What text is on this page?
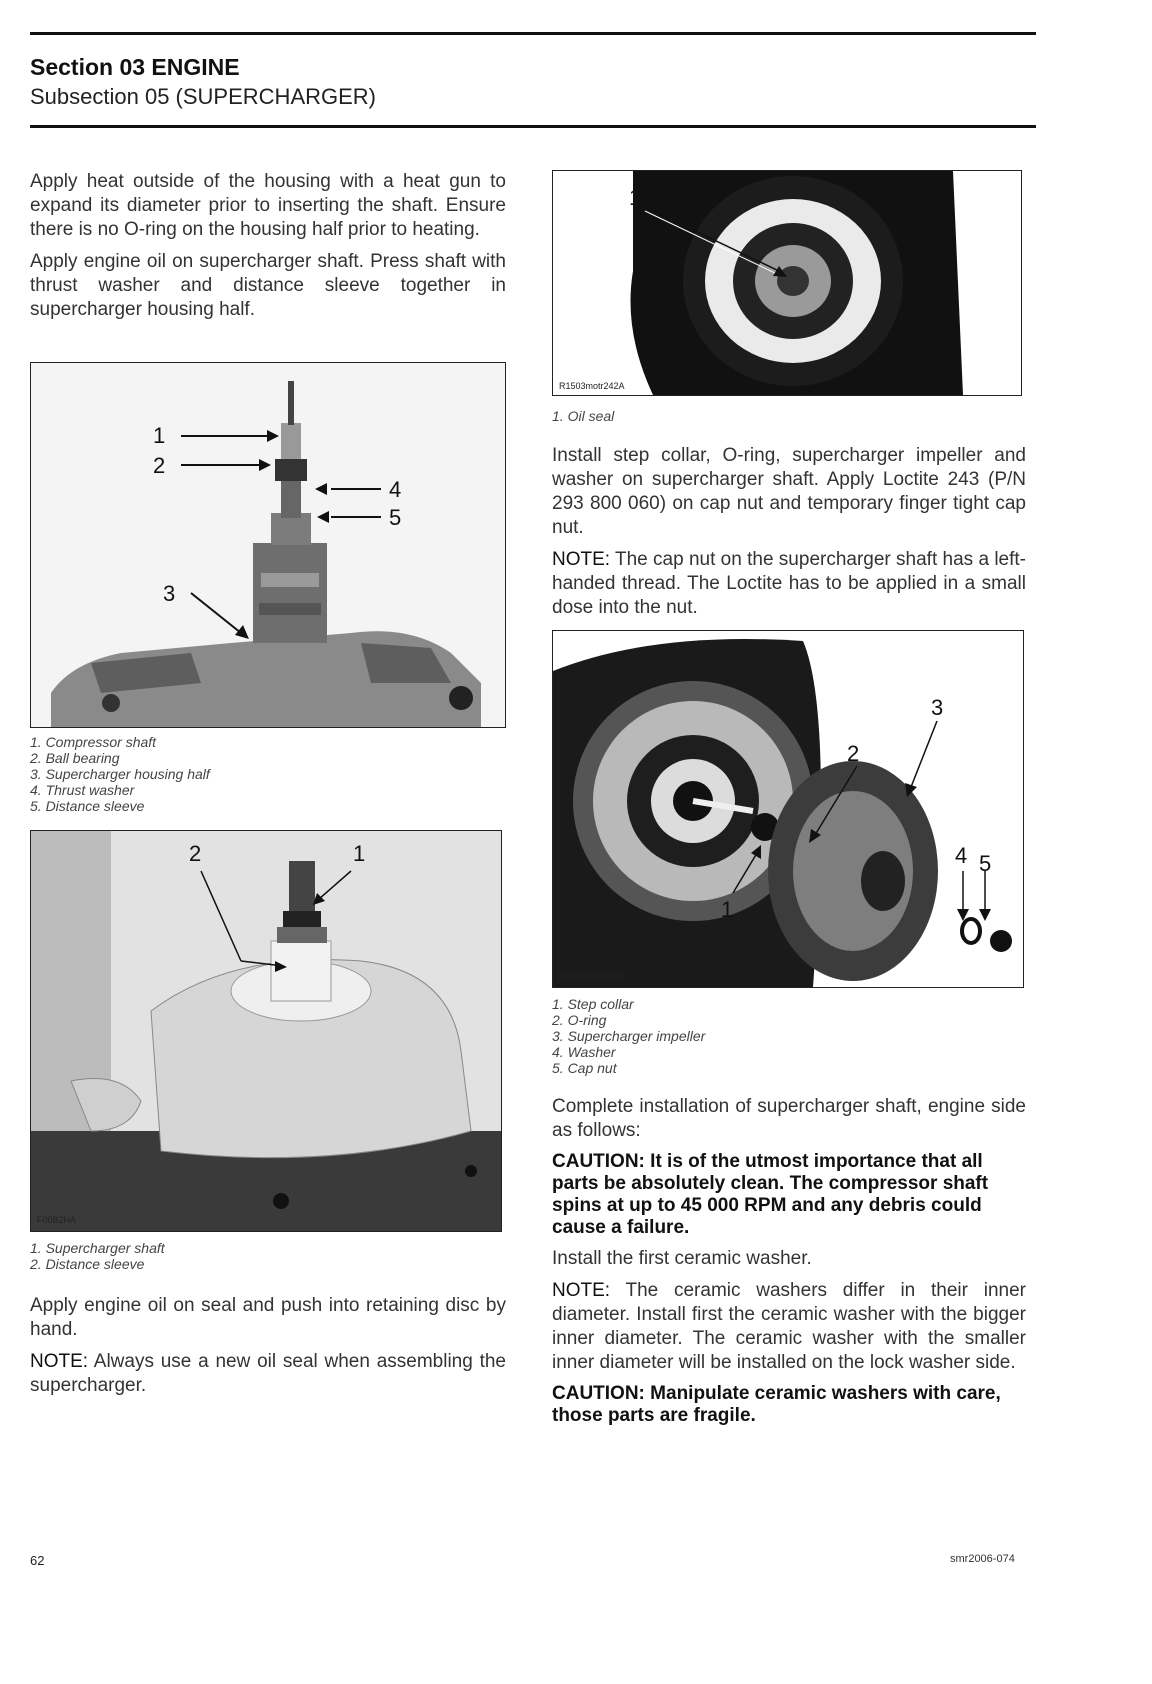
Section 03 ENGINE
Subsection 05 (SUPERCHARGER)

Apply heat outside of the housing with a heat gun to expand its diameter prior to inserting the shaft. Ensure there is no O-ring on the housing half prior to heating.

Apply engine oil on supercharger shaft. Press shaft with thrust washer and distance sleeve together in supercharger housing half.

1
2
4
5
3
1. Compressor shaft
2. Ball bearing
3. Supercharger housing half
4. Thrust washer
5. Distance sleeve
2	1
F00B2HA
1. Supercharger shaft
2. Distance sleeve

Apply engine oil on seal and push into retaining disc by hand.

NOTE: Always use a new oil seal when assembling the supercharger.

1
R1503motr242A
1. Oil seal

Install step collar, O-ring, supercharger impeller and washer on supercharger shaft. Apply Loctite 243 (P/N 293 800 060) on cap nut and temporary finger tight cap nut.

NOTE: The cap nut on the supercharger shaft has a left-handed thread. The Loctite has to be applied in a small dose into the nut.

3
2
4 5
1
R1503motr229B
1. Step collar
2. O-ring
3. Supercharger impeller
4. Washer
5. Cap nut

Complete installation of supercharger shaft, engine side as follows:

CAUTION: It is of the utmost importance that all parts be absolutely clean. The compressor shaft spins at up to 45 000 RPM and any debris could cause a failure.

Install the first ceramic washer.

NOTE: The ceramic washers differ in their inner diameter. Install first the ceramic washer with the bigger inner diameter. The ceramic washer with the smaller inner diameter will be installed on the lock washer side.

CAUTION: Manipulate ceramic washers with care, those parts are fragile.

62	smr2006-074
